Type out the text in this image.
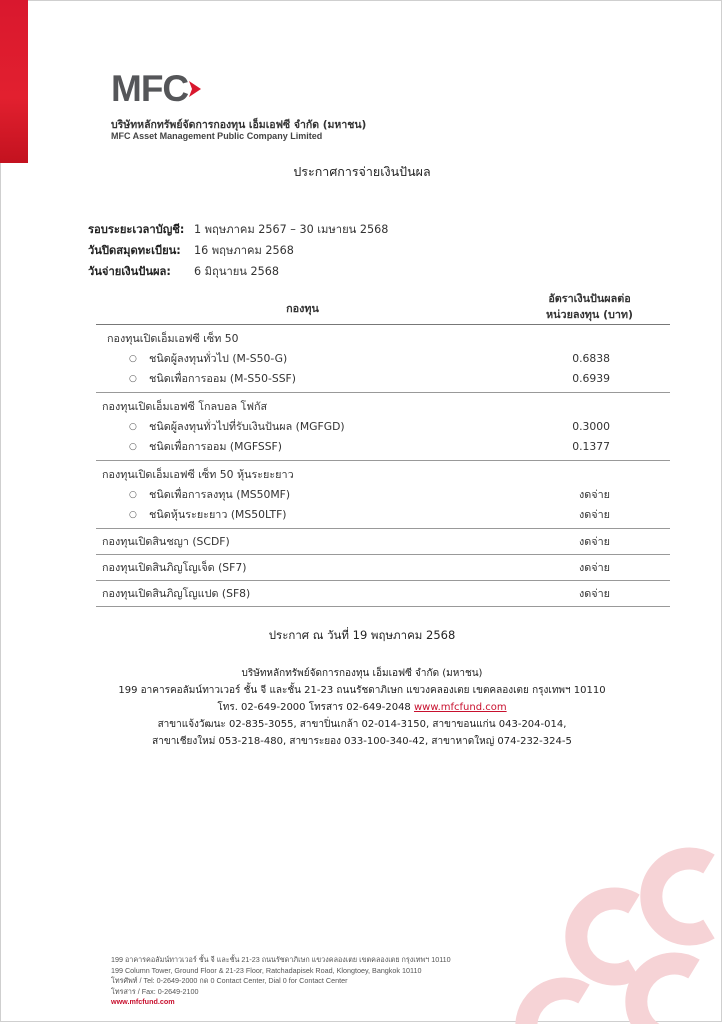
MFC
บริษัทหลักทรัพย์จัดการกองทุน เอ็มเอฟซี จำกัด (มหาชน)
MFC Asset Management Public Company Limited
ประกาศการจ่ายเงินปันผล
รอบระยะเวลาบัญชี: 1 พฤษภาคม 2567 – 30 เมษายน 2568
วันปิดสมุดทะเบียน:	16 พฤษภาคม 2568
วันจ่ายเงินปันผล:	6 มิถุนายน 2568
กองทุน
อัตราเงินปันผลต่อ
หน่วยลงทุน (บาท)
กองทุนเปิดเอ็มเอฟซี เซ็ท 50
○ ชนิดผู้ลงทุนทั่วไป (M-S50-G)	0.6838
○ ชนิดเพื่อการออม (M-S50-SSF)	0.6939
กองทุนเปิดเอ็มเอฟซี โกลบอล โฟกัส
○ ชนิดผู้ลงทุนทั่วไปที่รับเงินปันผล (MGFGD)	0.3000
○ ชนิดเพื่อการออม (MGFSSF)	0.1377
กองทุนเปิดเอ็มเอฟซี เซ็ท 50 หุ้นระยะยาว
○ ชนิดเพื่อการลงทุน (MS50MF)	งดจ่าย
○ ชนิดหุ้นระยะยาว (MS50LTF)	งดจ่าย
กองทุนเปิดสินชญา (SCDF)	งดจ่าย
กองทุนเปิดสินภิญโญเจ็ด (SF7)	งดจ่าย
กองทุนเปิดสินภิญโญแปด (SF8)	งดจ่าย
ประกาศ ณ วันที่ 19 พฤษภาคม 2568
บริษัทหลักทรัพย์จัดการกองทุน เอ็มเอฟซี จำกัด (มหาชน)
199 อาคารคอลัมน์ทาวเวอร์ ชั้น จี และชั้น 21-23 ถนนรัชดาภิเษก แขวงคลองเตย เขตคลองเตย กรุงเทพฯ 10110
โทร. 02-649-2000 โทรสาร 02-649-2048 www.mfcfund.com
สาขาแจ้งวัฒนะ 02-835-3055, สาขาปิ่นเกล้า 02-014-3150, สาขาขอนแก่น 043-204-014,
สาขาเชียงใหม่ 053-218-480, สาขาระยอง 033-100-340-42, สาขาหาดใหญ่ 074-232-324-5
199 อาคารคอลัมน์ทาวเวอร์ ชั้น จี และชั้น 21-23 ถนนรัชดาภิเษก แขวงคลองเตย เขตคลองเตย กรุงเทพฯ 10110
199 Column Tower, Ground Floor & 21-23 Floor, Ratchadapisek Road, Klongtoey, Bangkok 10110
โทรศัพท์ / Tel: 0-2649-2000 กด 0 Contact Center, Dial 0 for Contact Center
โทรสาร / Fax: 0-2649-2100
www.mfcfund.com
